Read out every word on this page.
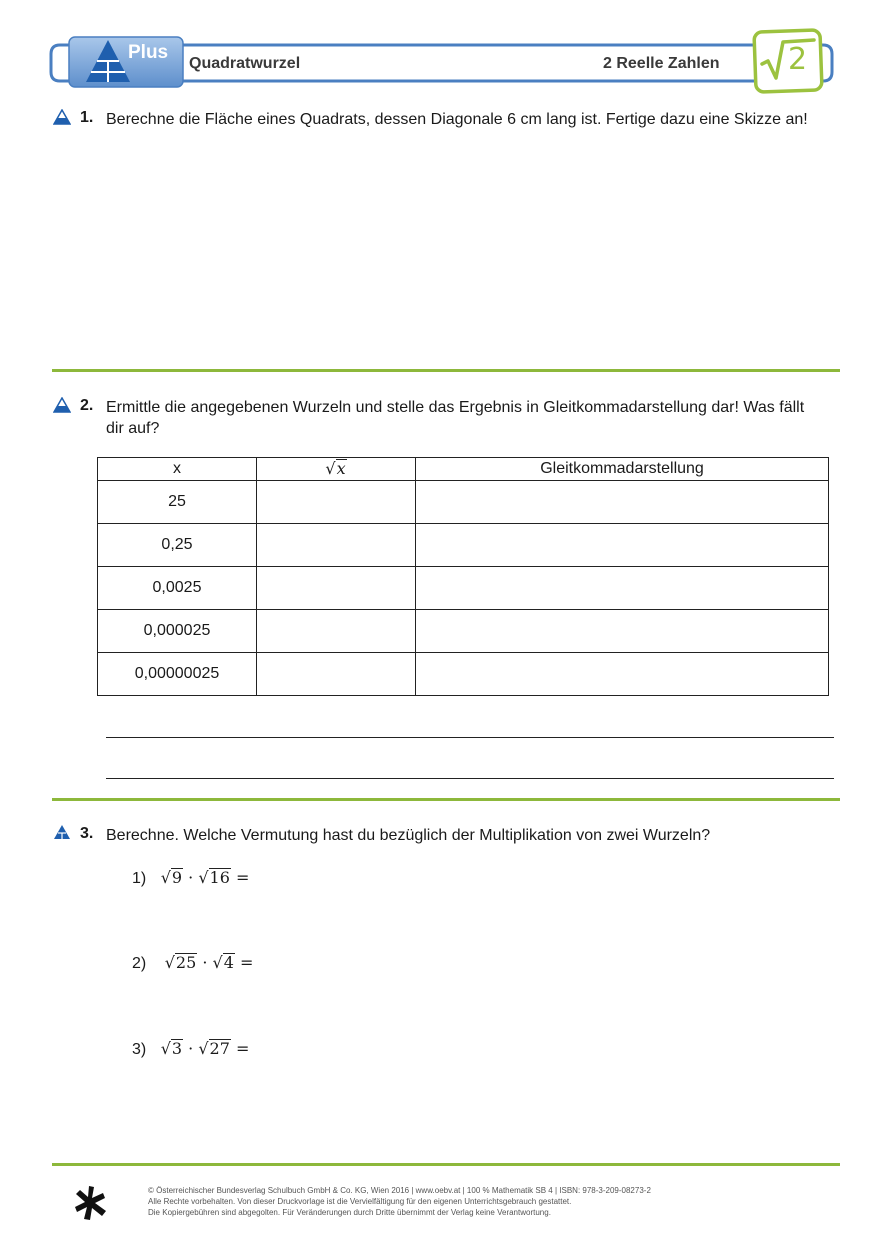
Plus
Quadratwurzel	2 Reelle Zahlen 2
1. Berechne die Fläche eines Quadrats, dessen Diagonale 6 cm lang ist. Fertige dazu eine Skizze an!
2. Ermittle die angegebenen Wurzeln und stelle das Ergebnis in Gleitkommadarstellung dar! Was fällt dir auf?
x	√x	Gleitkommadarstellung
25		
0,25		
0,0025		
0,000025		
0,00000025		
3. Berechne. Welche Vermutung hast du bezüglich der Multiplikation von zwei Wurzeln?
1) √9 · √16 =
2) √25 · √4 =
3) √3 · √27 =
© Österreichischer Bundesverlag Schulbuch GmbH & Co. KG, Wien 2016 | www.oebv.at | 100 % Mathematik SB 4 | ISBN: 978-3-209-08273-2
Alle Rechte vorbehalten. Von dieser Druckvorlage ist die Vervielfältigung für den eigenen Unterrichtsgebrauch gestattet.
Die Kopiergebühren sind abgegolten. Für Veränderungen durch Dritte übernimmt der Verlag keine Verantwortung.
